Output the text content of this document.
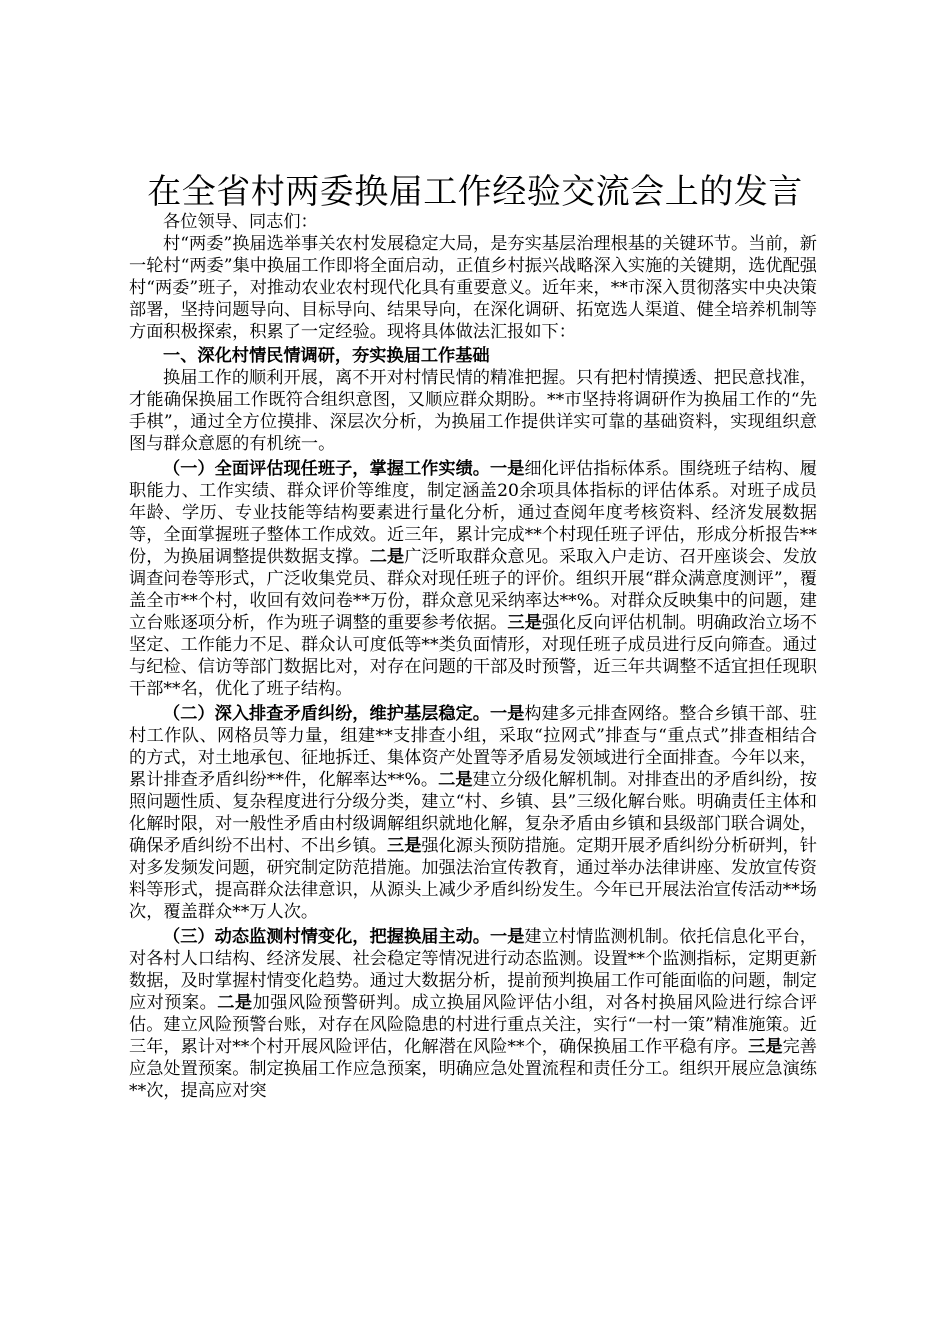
在全省村两委换届工作经验交流会上的发言

各位领导、同志们：

村“两委”换届选举事关农村发展稳定大局，是夯实基层治理根基的关键环节。当前，新一轮村“两委”集中换届工作即将全面启动，正值乡村振兴战略深入实施的关键期，选优配强村“两委”班子，对推动农业农村现代化具有重要意义。近年来，**市深入贯彻落实中央决策部署，坚持问题导向、目标导向、结果导向，在深化调研、拓宽选人渠道、健全培养机制等方面积极探索，积累了一定经验。现将具体做法汇报如下：

一、深化村情民情调研，夯实换届工作基础

换届工作的顺利开展，离不开对村情民情的精准把握。只有把村情摸透、把民意找准，才能确保换届工作既符合组织意图，又顺应群众期盼。**市坚持将调研作为换届工作的“先手棋”，通过全方位摸排、深层次分析，为换届工作提供详实可靠的基础资料，实现组织意图与群众意愿的有机统一。

（一）全面评估现任班子，掌握工作实绩。一是细化评估指标体系。围绕班子结构、履职能力、工作实绩、群众评价等维度，制定涵盖20余项具体指标的评估体系。对班子成员年龄、学历、专业技能等结构要素进行量化分析，通过查阅年度考核资料、经济发展数据等，全面掌握班子整体工作成效。近三年，累计完成**个村现任班子评估，形成分析报告**份，为换届调整提供数据支撑。二是广泛听取群众意见。采取入户走访、召开座谈会、发放调查问卷等形式，广泛收集党员、群众对现任班子的评价。组织开展“群众满意度测评”，覆盖全市**个村，收回有效问卷**万份，群众意见采纳率达**%。对群众反映集中的问题，建立台账逐项分析，作为班子调整的重要参考依据。三是强化反向评估机制。明确政治立场不坚定、工作能力不足、群众认可度低等**类负面情形，对现任班子成员进行反向筛查。通过与纪检、信访等部门数据比对，对存在问题的干部及时预警，近三年共调整不适宜担任现职干部**名，优化了班子结构。

（二）深入排查矛盾纠纷，维护基层稳定。一是构建多元排查网络。整合乡镇干部、驻村工作队、网格员等力量，组建**支排查小组，采取“拉网式”排查与“重点式”排查相结合的方式，对土地承包、征地拆迁、集体资产处置等矛盾易发领域进行全面排查。今年以来，累计排查矛盾纠纷**件，化解率达**%。二是建立分级化解机制。对排查出的矛盾纠纷，按照问题性质、复杂程度进行分级分类，建立“村、乡镇、县”三级化解台账。明确责任主体和化解时限，对一般性矛盾由村级调解组织就地化解，复杂矛盾由乡镇和县级部门联合调处，确保矛盾纠纷不出村、不出乡镇。三是强化源头预防措施。定期开展矛盾纠纷分析研判，针对多发频发问题，研究制定防范措施。加强法治宣传教育，通过举办法律讲座、发放宣传资料等形式，提高群众法律意识，从源头上减少矛盾纠纷发生。今年已开展法治宣传活动**场次，覆盖群众**万人次。

（三）动态监测村情变化，把握换届主动。一是建立村情监测机制。依托信息化平台，对各村人口结构、经济发展、社会稳定等情况进行动态监测。设置**个监测指标，定期更新数据，及时掌握村情变化趋势。通过大数据分析，提前预判换届工作可能面临的问题，制定应对预案。二是加强风险预警研判。成立换届风险评估小组，对各村换届风险进行综合评估。建立风险预警台账，对存在风险隐患的村进行重点关注，实行“一村一策”精准施策。近三年，累计对**个村开展风险评估，化解潜在风险**个，确保换届工作平稳有序。三是完善应急处置预案。制定换届工作应急预案，明确应急处置流程和责任分工。组织开展应急演练**次，提高应对突
